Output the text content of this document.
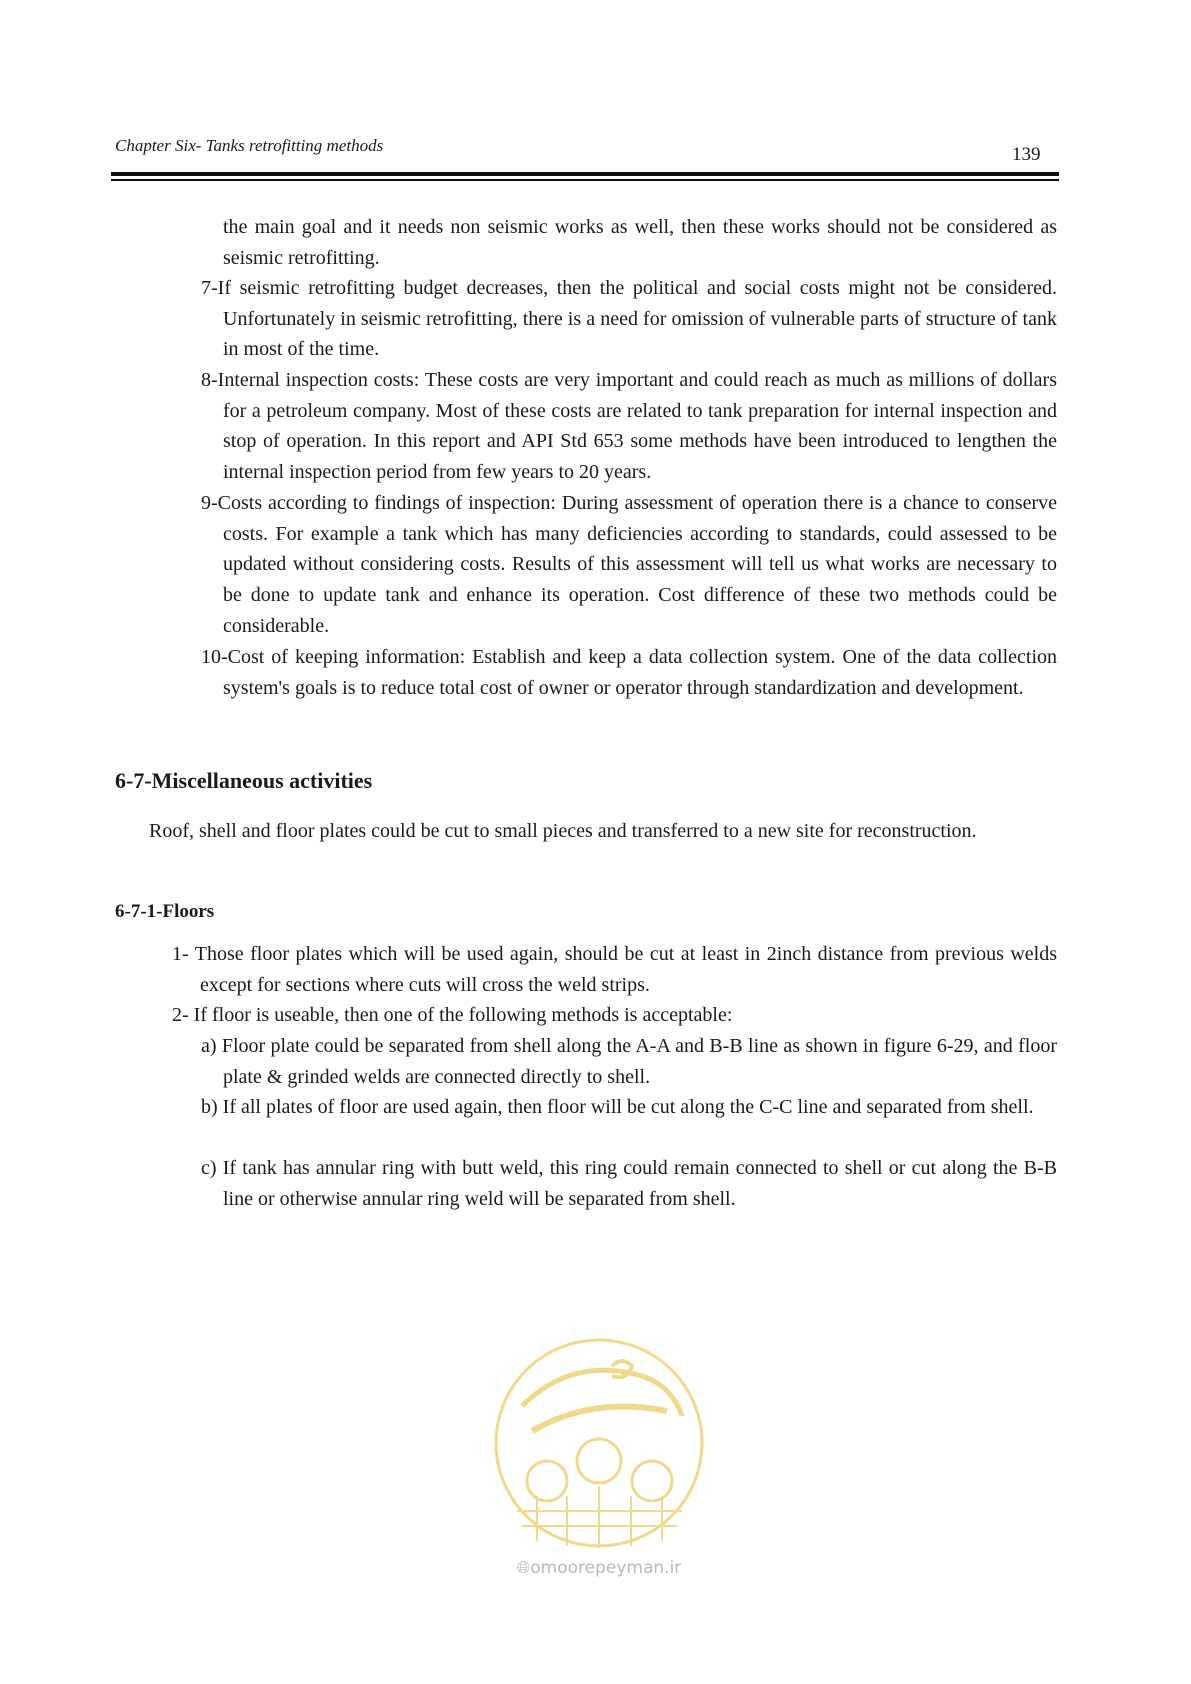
Chapter Six- Tanks retrofitting methods	139

the main goal and it needs non seismic works as well, then these works should not be considered as seismic retrofitting.

7-If seismic retrofitting budget decreases, then the political and social costs might not be considered. Unfortunately in seismic retrofitting, there is a need for omission of vulnerable parts of structure of tank in most of the time.

8-Internal inspection costs: These costs are very important and could reach as much as millions of dollars for a petroleum company. Most of these costs are related to tank preparation for internal inspection and stop of operation. In this report and API Std 653 some methods have been introduced to lengthen the internal inspection period from few years to 20 years.

9-Costs according to findings of inspection: During assessment of operation there is a chance to conserve costs. For example a tank which has many deficiencies according to standards, could assessed to be updated without considering costs. Results of this assessment will tell us what works are necessary to be done to update tank and enhance its operation. Cost difference of these two methods could be considerable.

10-Cost of keeping information: Establish and keep a data collection system. One of the data collection system's goals is to reduce total cost of owner or operator through standardization and development.

6-7-Miscellaneous activities

Roof, shell and floor plates could be cut to small pieces and transferred to a new site for reconstruction.

6-7-1-Floors

1- Those floor plates which will be used again, should be cut at least in 2inch distance from previous welds except for sections where cuts will cross the weld strips.

2- If floor is useable, then one of the following methods is acceptable:

a) Floor plate could be separated from shell along the A-A and B-B line as shown in figure 6-29, and floor plate & grinded welds are connected directly to shell.

b) If all plates of floor are used again, then floor will be cut along the C-C line and separated from shell.

c) If tank has annular ring with butt weld, this ring could remain connected to shell or cut along the B-B line or otherwise annular ring weld will be separated from shell.

🌐︎omoorepeyman.ir
